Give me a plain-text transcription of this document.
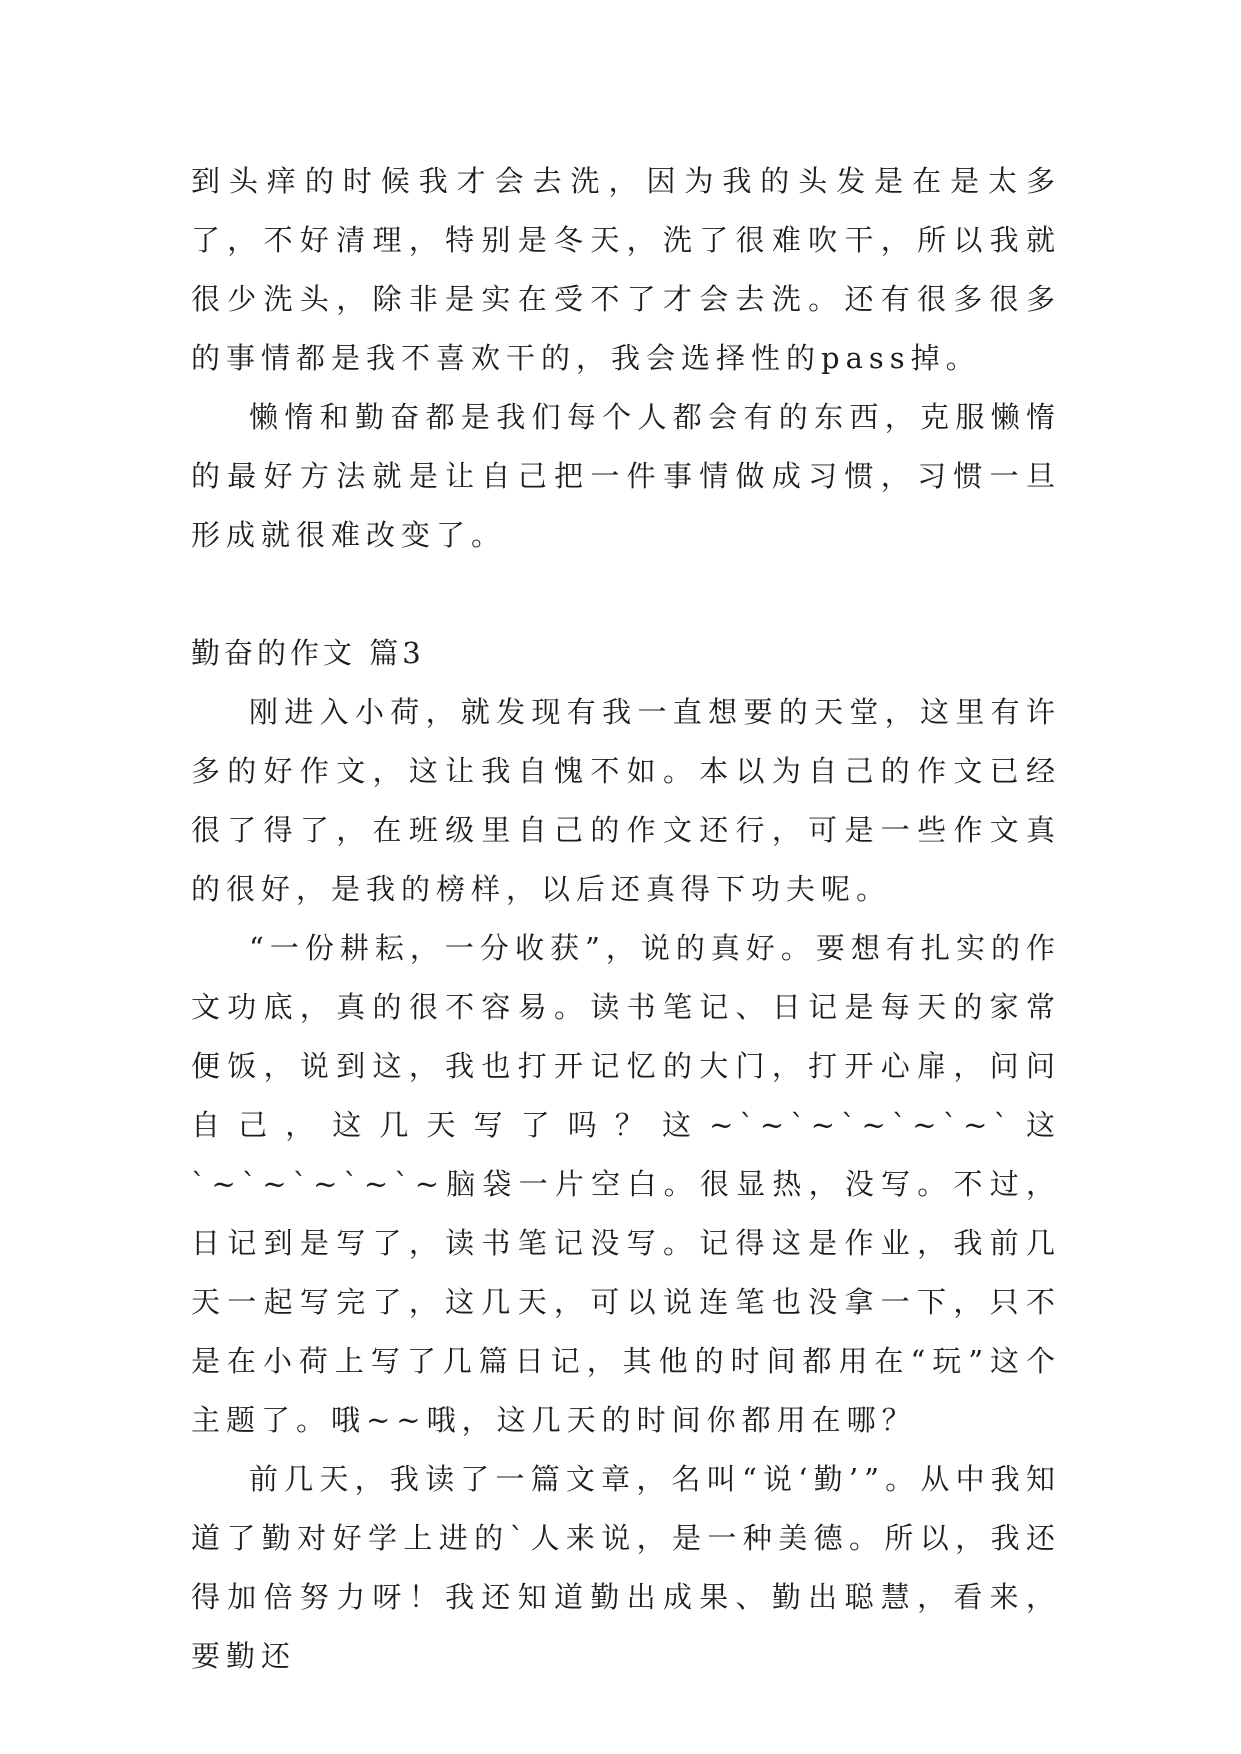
到头痒的时候我才会去洗，因为我的头发是在是太多了，不好清理，特别是冬天，洗了很难吹干，所以我就很少洗头，除非是实在受不了才会去洗。还有很多很多的事情都是我不喜欢干的，我会选择性的pass掉。

懒惰和勤奋都是我们每个人都会有的东西，克服懒惰的最好方法就是让自己把一件事情做成习惯，习惯一旦形成就很难改变了。

勤奋的作文 篇3

刚进入小荷，就发现有我一直想要的天堂，这里有许多的好作文，这让我自愧不如。本以为自己的作文已经很了得了，在班级里自己的作文还行，可是一些作文真的很好，是我的榜样，以后还真得下功夫呢。

“一份耕耘，一分收获”，说的真好。要想有扎实的作文功底，真的很不容易。读书笔记、日记是每天的家常便饭，说到这，我也打开记忆的大门，打开心扉，问问自己，这几天写了吗？这~`~`~`~`~`~`这`~`~`~`~`~脑袋一片空白。很显热，没写。不过，日记到是写了，读书笔记没写。记得这是作业，我前几天一起写完了，这几天，可以说连笔也没拿一下，只不是在小荷上写了几篇日记，其他的时间都用在“玩”这个主题了。哦~~哦，这几天的时间你都用在哪？

前几天，我读了一篇文章，名叫“说‘勤’”。从中我知道了勤对好学上进的`人来说，是一种美德。所以，我还得加倍努力呀！我还知道勤出成果、勤出聪慧，看来，要勤还
